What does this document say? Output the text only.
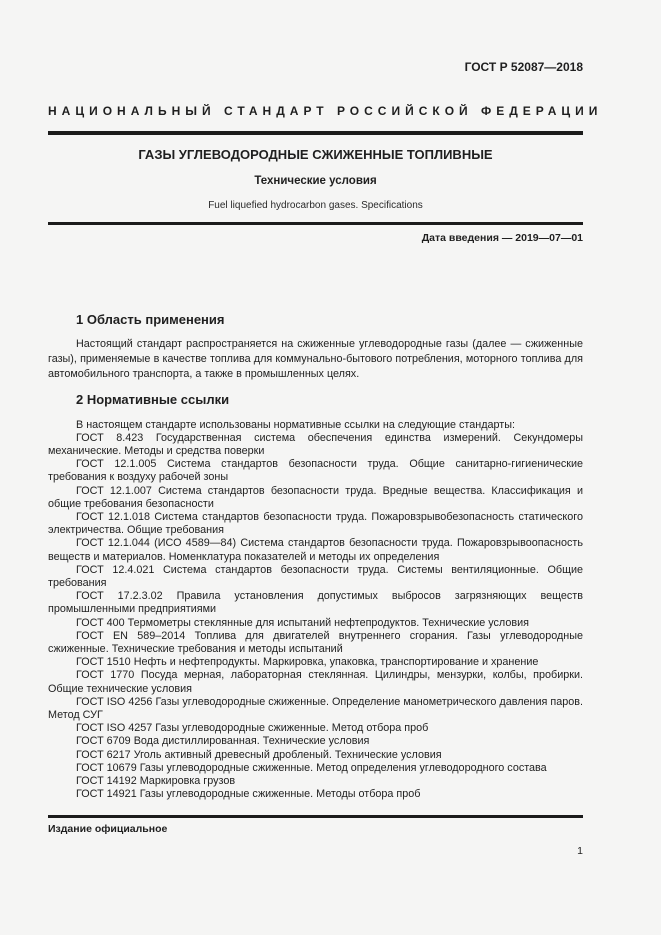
ГОСТ Р 52087—2018
НАЦИОНАЛЬНЫЙ СТАНДАРТ РОССИЙСКОЙ ФЕДЕРАЦИИ
ГАЗЫ УГЛЕВОДОРОДНЫЕ СЖИЖЕННЫЕ ТОПЛИВНЫЕ
Технические условия
Fuel liquefied hydrocarbon gases. Specifications
Дата введения — 2019—07—01
1 Область применения

Настоящий стандарт распространяется на сжиженные углеводородные газы (далее — сжиженные газы), применяемые в качестве топлива для коммунально-бытового потребления, моторного топлива для автомобильного транспорта, а также в промышленных целях.

2 Нормативные ссылки

В настоящем стандарте использованы нормативные ссылки на следующие стандарты:

ГОСТ 8.423 Государственная система обеспечения единства измерений. Секундомеры механические. Методы и средства поверки

ГОСТ 12.1.005 Система стандартов безопасности труда. Общие санитарно-гигиенические требования к воздуху рабочей зоны

ГОСТ 12.1.007 Система стандартов безопасности труда. Вредные вещества. Классификация и общие требования безопасности

ГОСТ 12.1.018 Система стандартов безопасности труда. Пожаровзрывобезопасность статического электричества. Общие требования

ГОСТ 12.1.044 (ИСО 4589—84) Система стандартов безопасности труда. Пожаровзрывоопасность веществ и материалов. Номенклатура показателей и методы их определения

ГОСТ 12.4.021 Система стандартов безопасности труда. Системы вентиляционные. Общие требования

ГОСТ 17.2.3.02 Правила установления допустимых выбросов загрязняющих веществ промышленными предприятиями

ГОСТ 400 Термометры стеклянные для испытаний нефтепродуктов. Технические условия

ГОСТ EN 589–2014 Топлива для двигателей внутреннего сгорания. Газы углеводородные сжиженные. Технические требования и методы испытаний

ГОСТ 1510 Нефть и нефтепродукты. Маркировка, упаковка, транспортирование и хранение

ГОСТ 1770 Посуда мерная, лабораторная стеклянная. Цилиндры, мензурки, колбы, пробирки. Общие технические условия

ГОСТ ISO 4256 Газы углеводородные сжиженные. Определение манометрического давления паров. Метод СУГ

ГОСТ ISO 4257 Газы углеводородные сжиженные. Метод отбора проб

ГОСТ 6709 Вода дистиллированная. Технические условия

ГОСТ 6217 Уголь активный древесный дробленый. Технические условия

ГОСТ 10679 Газы углеводородные сжиженные. Метод определения углеводородного состава

ГОСТ 14192 Маркировка грузов

ГОСТ 14921 Газы углеводородные сжиженные. Методы отбора проб

Издание официальное
1
